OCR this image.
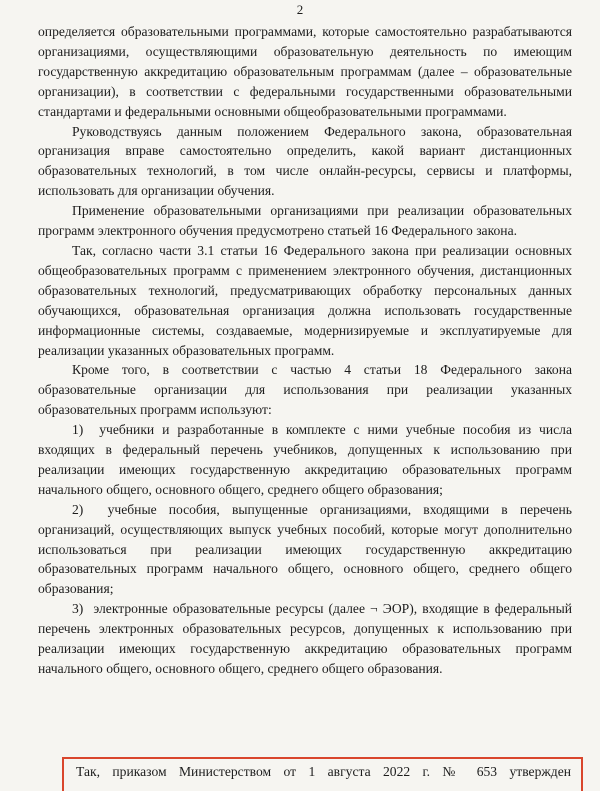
2

определяется образовательными программами, которые самостоятельно разрабатываются организациями, осуществляющими образовательную деятельность по имеющим государственную аккредитацию образовательным программам (далее – образовательные организации), в соответствии с федеральными государственными образовательными стандартами и федеральными основными общеобразовательными программами.

Руководствуясь данным положением Федерального закона, образовательная организация вправе самостоятельно определить, какой вариант дистанционных образовательных технологий, в том числе онлайн-ресурсы, сервисы и платформы, использовать для организации обучения.

Применение образовательными организациями при реализации образовательных программ электронного обучения предусмотрено статьей 16 Федерального закона.

Так, согласно части 3.1 статьи 16 Федерального закона при реализации основных общеобразовательных программ с применением электронного обучения, дистанционных образовательных технологий, предусматривающих обработку персональных данных обучающихся, образовательная организация должна использовать государственные информационные системы, создаваемые, модернизируемые и эксплуатируемые для реализации указанных образовательных программ.

Кроме того, в соответствии с частью 4 статьи 18 Федерального закона образовательные организации для использования при реализации указанных образовательных программ используют:

1)  учебники и разработанные в комплекте с ними учебные пособия из числа входящих в федеральный перечень учебников, допущенных к использованию при реализации имеющих государственную аккредитацию образовательных программ начального общего, основного общего, среднего общего образования;

2)  учебные пособия, выпущенные организациями, входящими в перечень организаций, осуществляющих выпуск учебных пособий, которые могут дополнительно использоваться при реализации имеющих государственную аккредитацию образовательных программ начального общего, основного общего, среднего общего образования;

3)  электронные образовательные ресурсы (далее ¬ ЭОР), входящие в федеральный перечень электронных образовательных ресурсов, допущенных к использованию при реализации имеющих государственную аккредитацию образовательных программ начального общего, основного общего, среднего общего образования.

Так, приказом Министерством от 1 августа 2022 г. № 653 утвержден
